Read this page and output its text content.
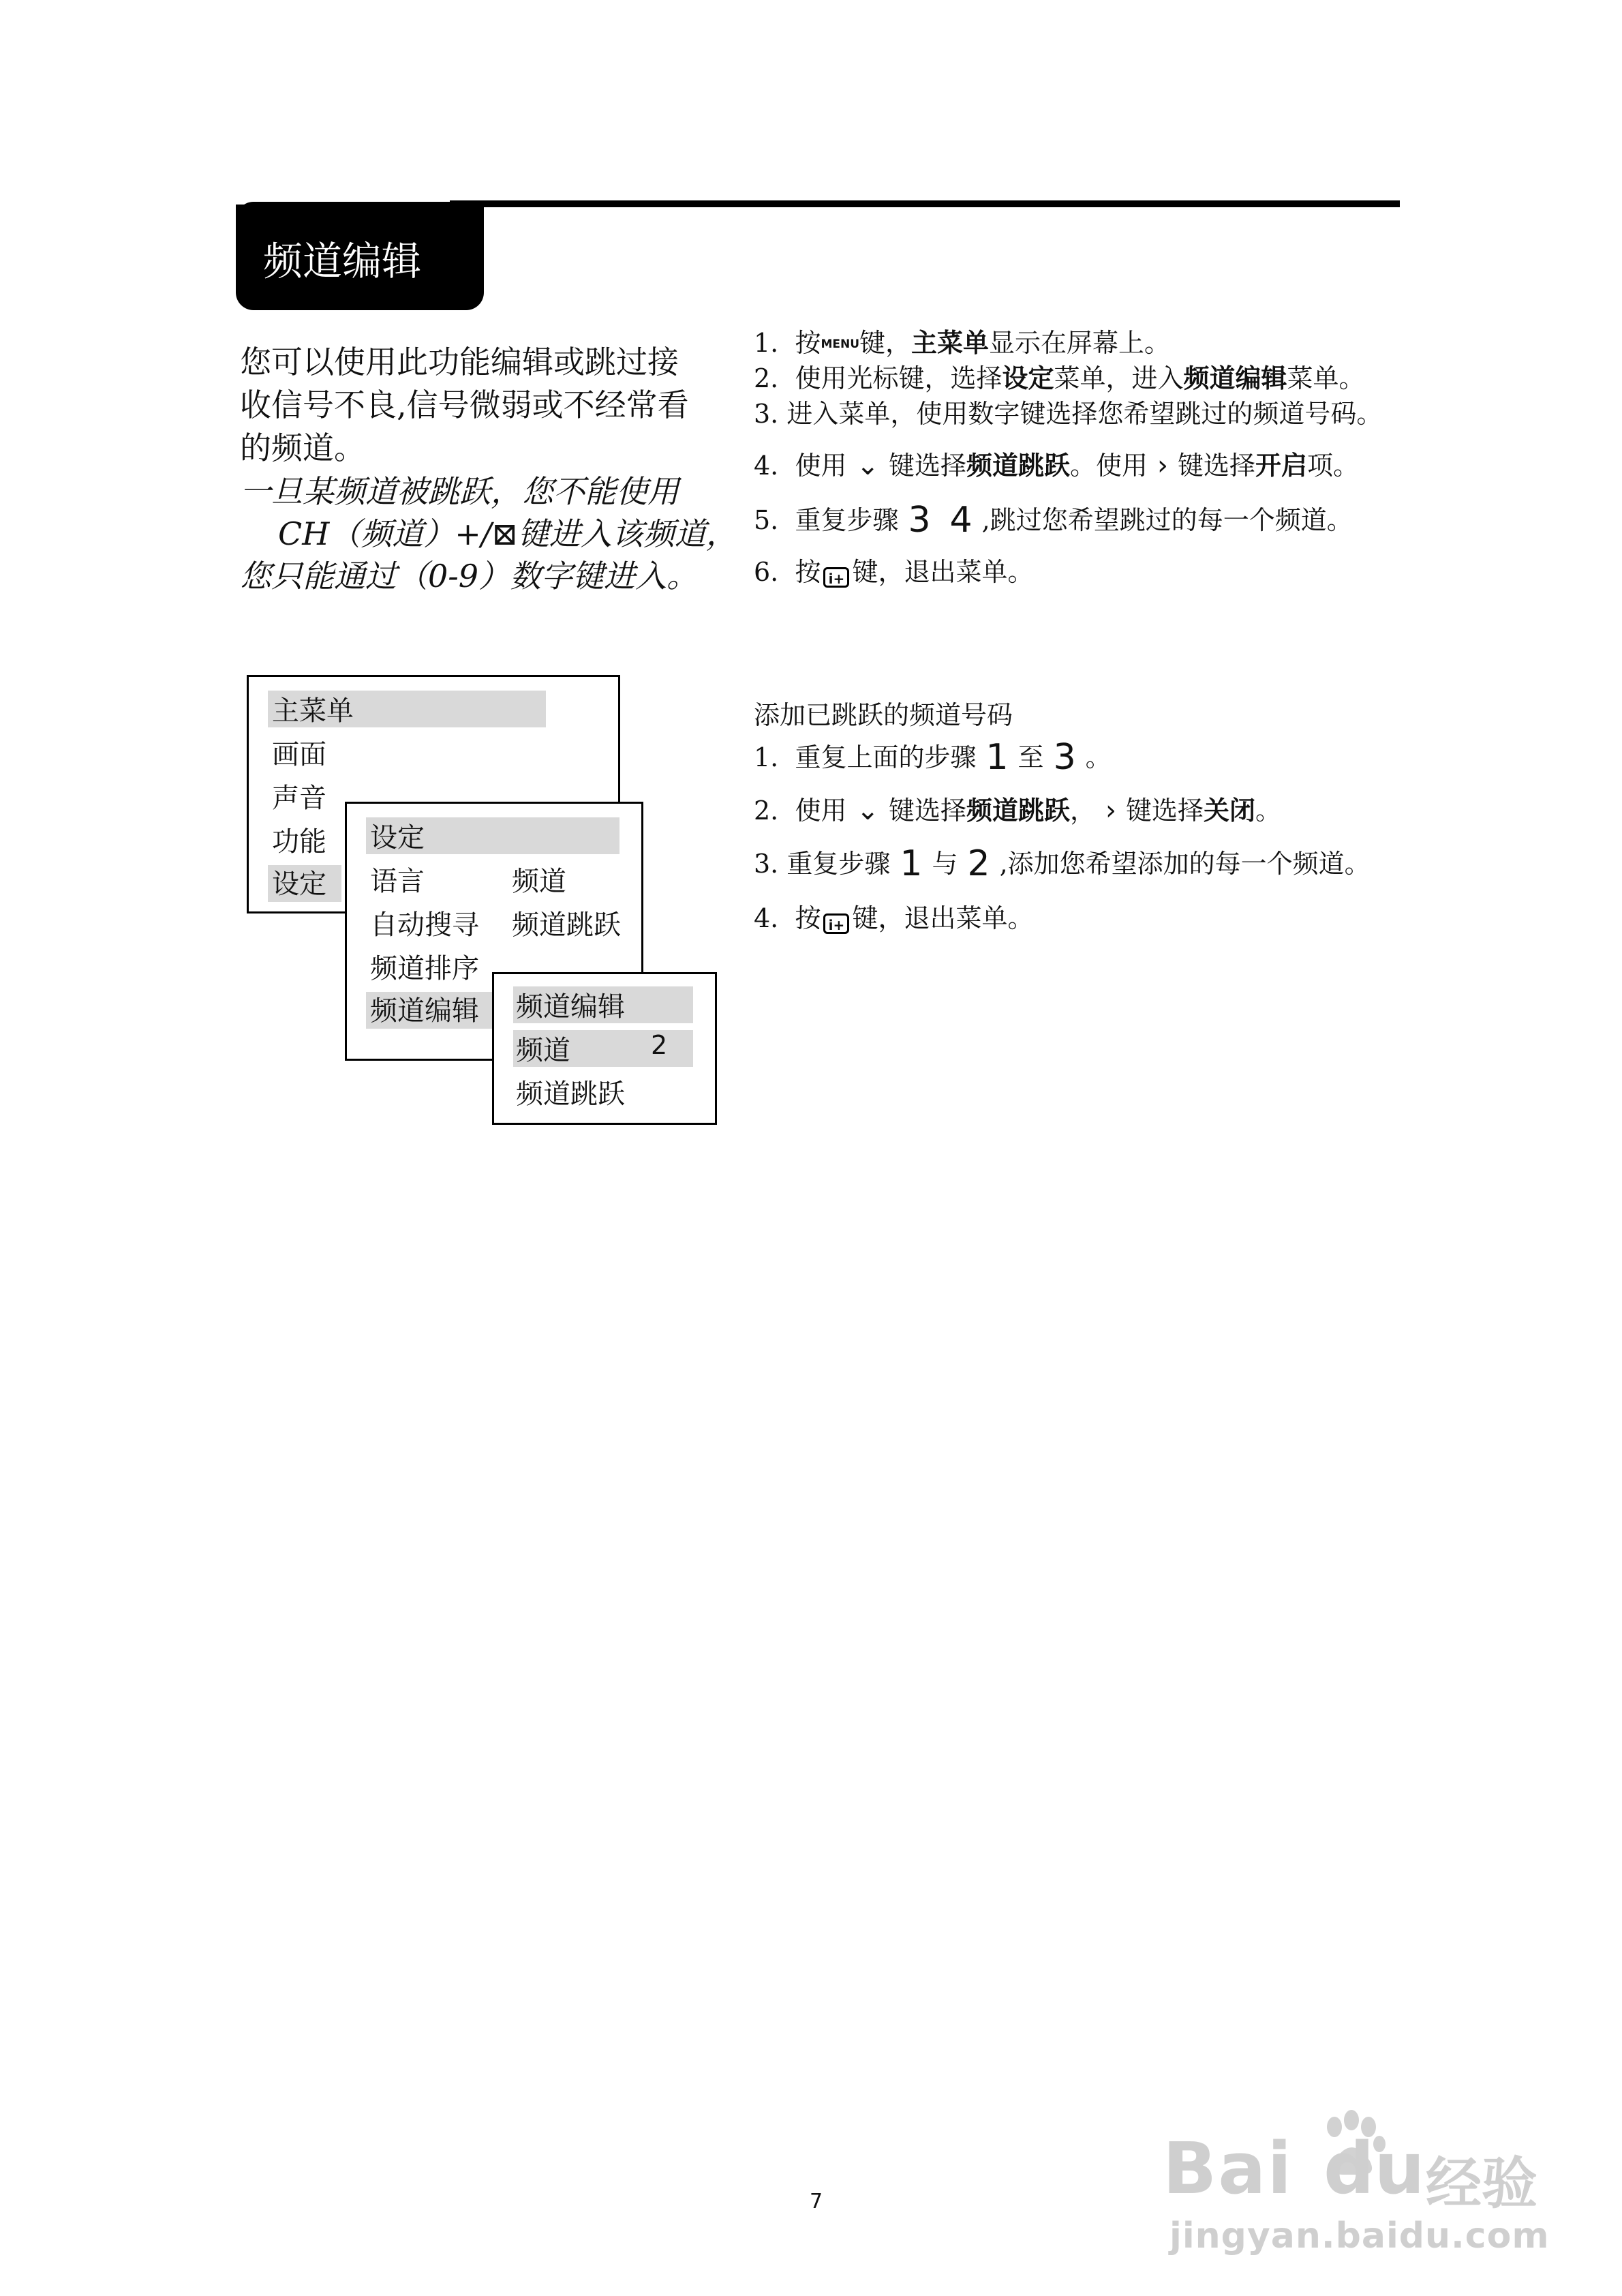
频道编辑
您可以使用此功能编辑或跳过接
收信号不良,信号微弱或不经常看
的频道。
一旦某频道被跳跃，您不能使用
CH（频道）+/⊠键进入该频道，
您只能通过（0-9）数字键进入。
1. 按MENU键，主菜单显示在屏幕上。
2. 使用光标键，选择设定菜单，进入频道编辑菜单。
3. 进入菜单，使用数字键选择您希望跳过的频道号码。
4. 使用 ⌄ 键选择频道跳跃。使用 › 键选择开启项。
5. 重复步骤 3 4 ,跳过您希望跳过的每一个频道。
6. 按 i+ 键，退出菜单。
添加已跳跃的频道号码
1. 重复上面的步骤 1 至 3 。
2. 使用 ⌄ 键选择频道跳跃， › 键选择关闭。
3. 重复步骤 1 与 2 ,添加您希望添加的每一个频道。
4. 按 i+ 键，退出菜单。
主菜单
画面
声音
功能
设定
设定
语言	频道
自动搜寻 频道跳跃
频道排序
频道编辑 频道编辑
频道	2
频道跳跃
7	Bai du 经验
jingyan.baidu.com
